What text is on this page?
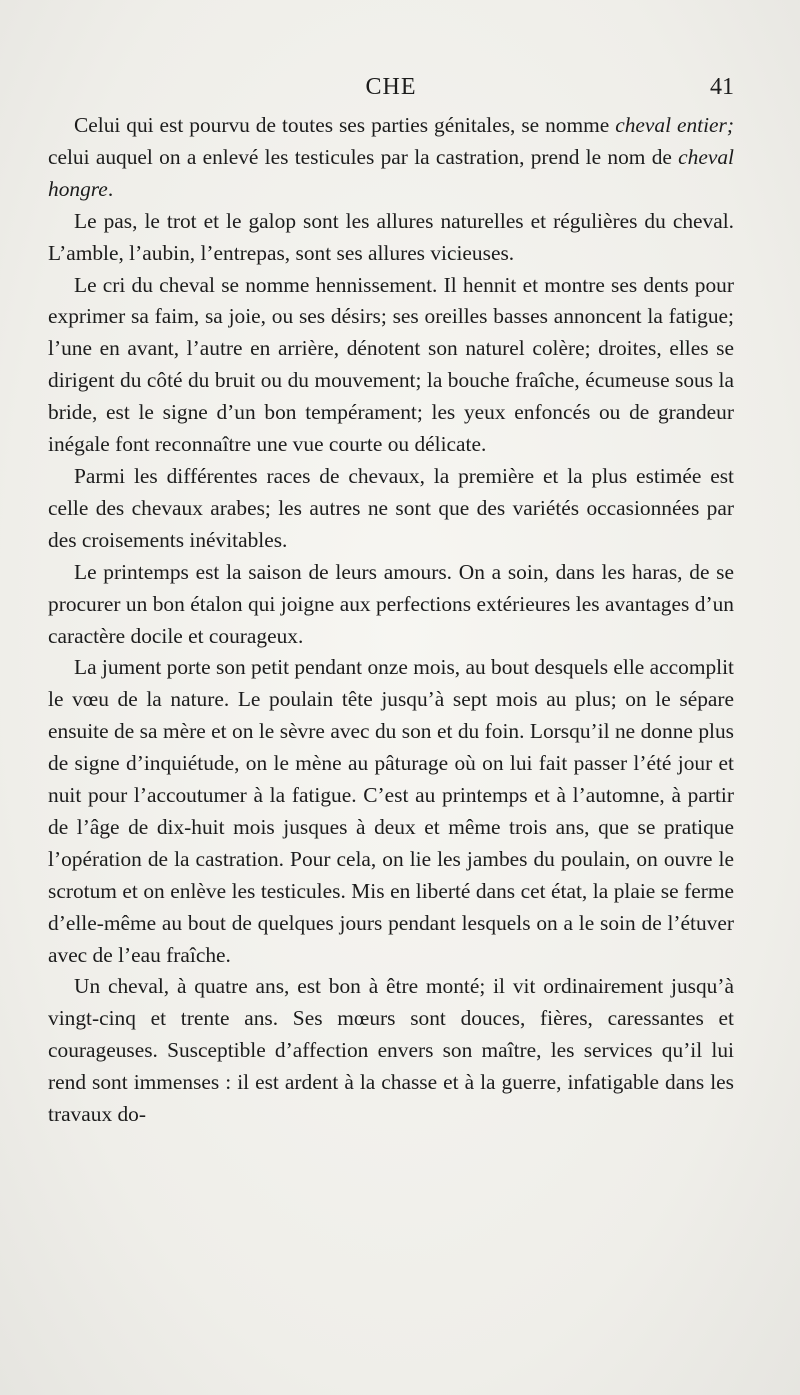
CHE	41

Celui qui est pourvu de toutes ses parties génitales, se nomme cheval entier; celui auquel on a enlevé les testicules par la castration, prend le nom de cheval hongre.

Le pas, le trot et le galop sont les allures naturelles et régulières du cheval. L’amble, l’aubin, l’entrepas, sont ses allures vicieuses.

Le cri du cheval se nomme hennissement. Il hennit et montre ses dents pour exprimer sa faim, sa joie, ou ses désirs; ses oreilles basses annoncent la fatigue; l’une en avant, l’autre en arrière, dénotent son naturel colère; droites, elles se dirigent du côté du bruit ou du mouvement; la bouche fraîche, écumeuse sous la bride, est le signe d’un bon tempérament; les yeux enfoncés ou de grandeur inégale font reconnaître une vue courte ou délicate.

Parmi les différentes races de chevaux, la première et la plus estimée est celle des chevaux arabes; les autres ne sont que des variétés occasionnées par des croisements inévitables.

Le printemps est la saison de leurs amours. On a soin, dans les haras, de se procurer un bon étalon qui joigne aux perfections extérieures les avantages d’un caractère docile et courageux.

La jument porte son petit pendant onze mois, au bout desquels elle accomplit le vœu de la nature. Le poulain tête jusqu’à sept mois au plus; on le sépare ensuite de sa mère et on le sèvre avec du son et du foin. Lorsqu’il ne donne plus de signe d’inquiétude, on le mène au pâturage où on lui fait passer l’été jour et nuit pour l’accoutumer à la fatigue. C’est au printemps et à l’automne, à partir de l’âge de dix-huit mois jusques à deux et même trois ans, que se pratique l’opération de la castration. Pour cela, on lie les jambes du poulain, on ouvre le scrotum et on enlève les testicules. Mis en liberté dans cet état, la plaie se ferme d’elle-même au bout de quelques jours pendant lesquels on a le soin de l’étuver avec de l’eau fraîche.

Un cheval, à quatre ans, est bon à être monté; il vit ordinairement jusqu’à vingt-cinq et trente ans. Ses mœurs sont douces, fières, caressantes et courageuses. Susceptible d’affection envers son maître, les services qu’il lui rend sont immenses : il est ardent à la chasse et à la guerre, infatigable dans les travaux do-
